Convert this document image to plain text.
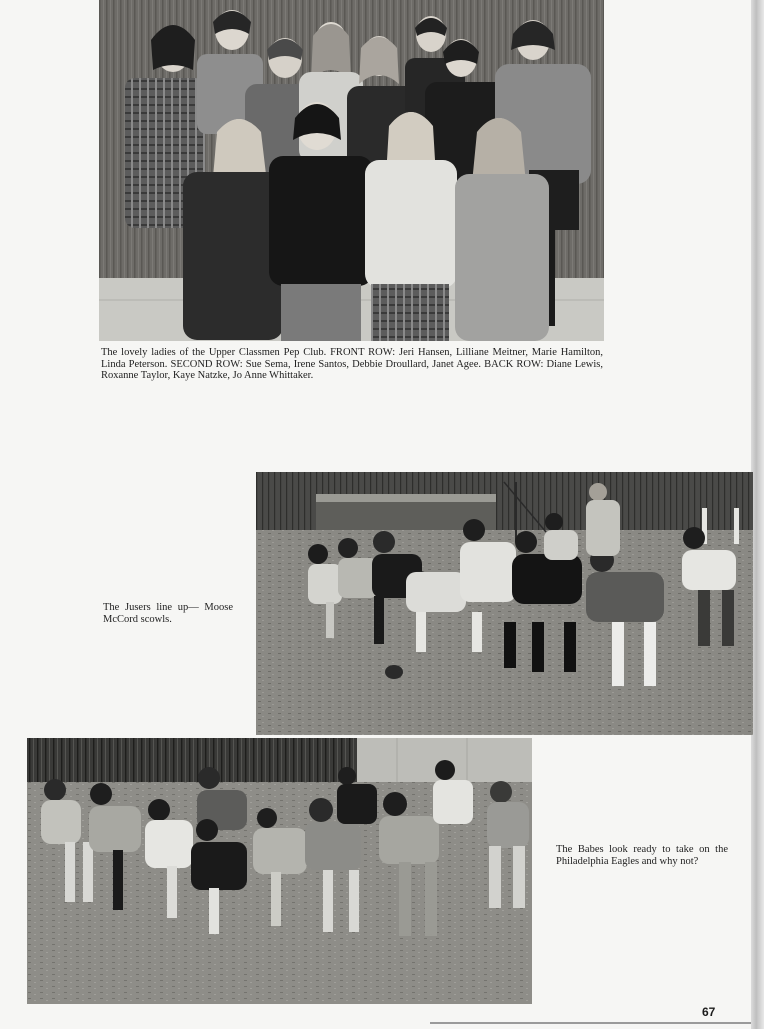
The lovely ladies of the Upper Classmen Pep Club. FRONT ROW: Jeri Hansen, Lilliane Meitner, Marie Hamilton, Linda Peterson. SECOND ROW: Sue Sema, Irene Santos, Debbie Droullard, Janet Agee. BACK ROW: Diane Lewis, Roxanne Taylor, Kaye Natzke, Jo Anne Whittaker.
The Jusers line up— Moose McCord scowls.
The Babes look ready to take on the Philadelphia Eagles and why not?
67
